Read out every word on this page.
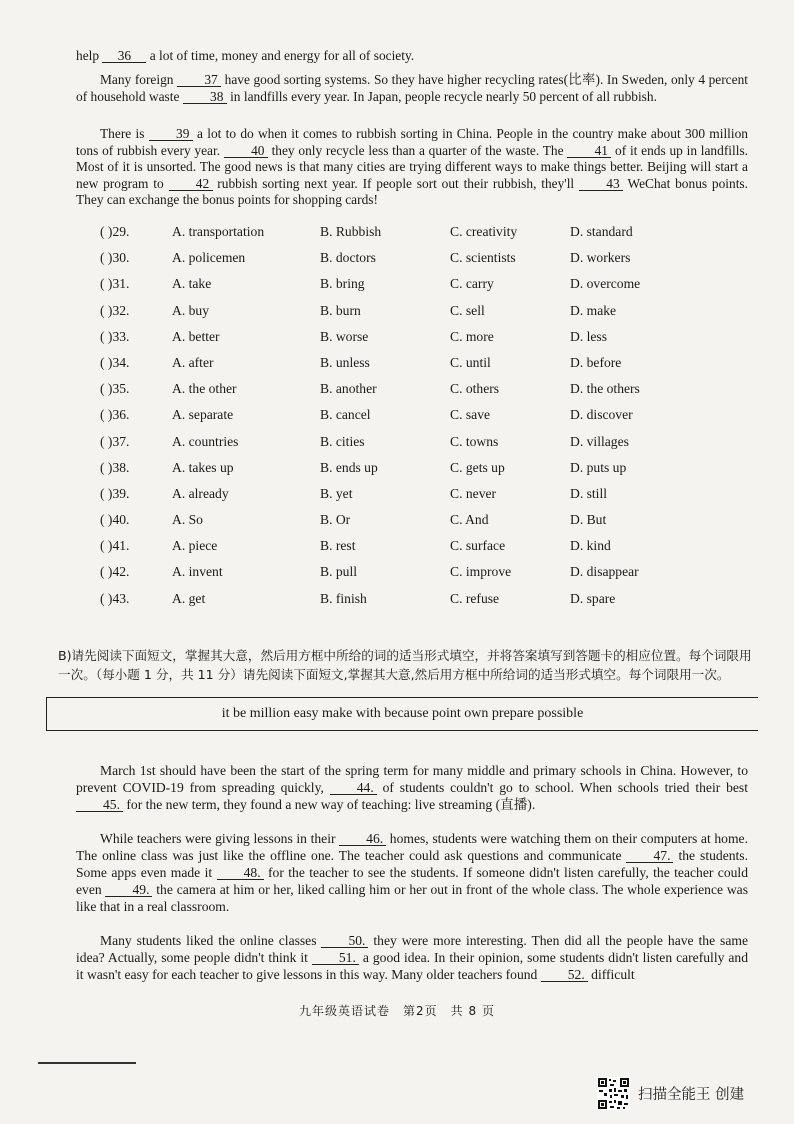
help 36 a lot of time, money and energy for all of society.

Many foreign 37 have good sorting systems. So they have higher recycling rates(比率). In Sweden, only 4 percent of household waste 38 in landfills every year. In Japan, people recycle nearly 50 percent of all rubbish.

There is 39 a lot to do when it comes to rubbish sorting in China. People in the country make about 300 million tons of rubbish every year. 40 they only recycle less than a quarter of the waste. The 41 of it ends up in landfills. Most of it is unsorted. The good news is that many cities are trying different ways to make things better. Beijing will start a new program to 42 rubbish sorting next year. If people sort out their rubbish, they'll 43 WeChat bonus points. They can exchange the bonus points for shopping cards!

( )29.	A. transportation	B. Rubbish	C. creativity	D. standard
( )30.	A. policemen	B. doctors	C. scientists	D. workers
( )31.	A. take	B. bring	C. carry	D. overcome
( )32.	A. buy	B. burn	C. sell	D. make
( )33.	A. better	B. worse	C. more	D. less
( )34.	A. after	B. unless	C. until	D. before
( )35.	A. the other	B. another	C. others	D. the others
( )36.	A. separate	B. cancel	C. save	D. discover
( )37.	A. countries	B. cities	C. towns	D. villages
( )38.	A. takes up	B. ends up	C. gets up	D. puts up
( )39.	A. already	B. yet	C. never	D. still
( )40.	A. So	B. Or	C. And	D. But
( )41.	A. piece	B. rest	C. surface	D. kind
( )42.	A. invent	B. pull	C. improve	D. disappear
( )43.	A. get	B. finish	C. refuse	D. spare

B)请先阅读下面短文，掌握其大意，然后用方框中所给的词的适当形式填空，并将答案填写到答题卡的相应位置。每个词限用一次。（每小题 1 分，共 11 分）请先阅读下面短文,掌握其大意,然后用方框中所给词的适当形式填空。每个词限用一次。

it be million easy make with because point own prepare possible

March 1st should have been the start of the spring term for many middle and primary schools in China. However, to prevent COVID-19 from spreading quickly, 44. of students couldn't go to school. When schools tried their best 45. for the new term, they found a new way of teaching: live streaming (直播).

While teachers were giving lessons in their 46. homes, students were watching them on their computers at home. The online class was just like the offline one. The teacher could ask questions and communicate 47. the students. Some apps even made it 48. for the teacher to see the students. If someone didn't listen carefully, the teacher could even 49. the camera at him or her, liked calling him or her out in front of the whole class. The whole experience was like that in a real classroom.

Many students liked the online classes 50. they were more interesting. Then did all the people have the same idea? Actually, some people didn't think it 51. a good idea. In their opinion, some students didn't listen carefully and it wasn't easy for each teacher to give lessons in this way. Many older teachers found 52. difficult

九年级英语试卷　第2页　共 8 页
扫描全能王 创建
